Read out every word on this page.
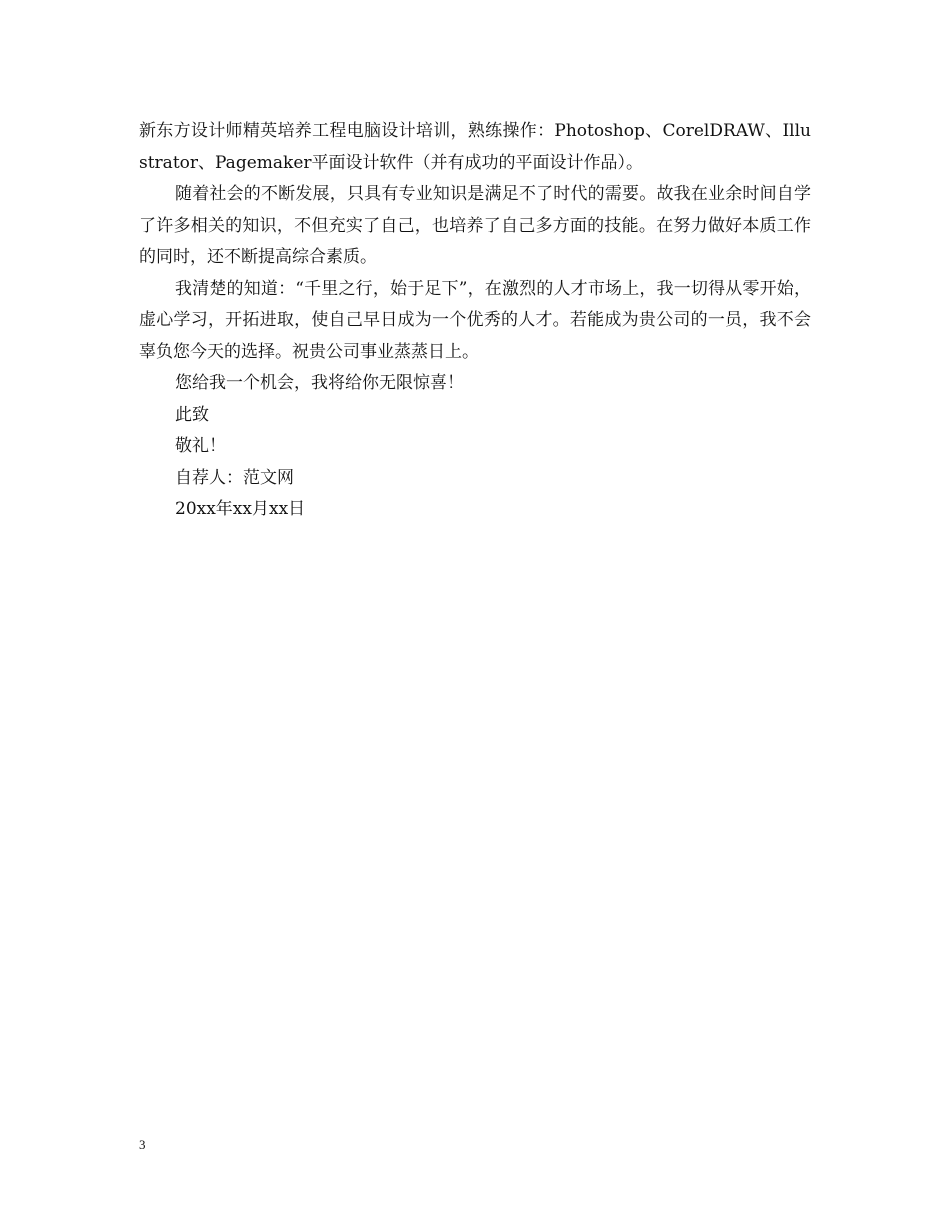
新东方设计师精英培养工程电脑设计培训，熟练操作：Photoshop、CorelDRAW、Illustrator、Pagemaker平面设计软件（并有成功的平面设计作品）。

随着社会的不断发展，只具有专业知识是满足不了时代的需要。故我在业余时间自学了许多相关的知识，不但充实了自己，也培养了自己多方面的技能。在努力做好本质工作的同时，还不断提高综合素质。

我清楚的知道：“千里之行，始于足下”，在激烈的人才市场上，我一切得从零开始，虚心学习，开拓进取，使自己早日成为一个优秀的人才。若能成为贵公司的一员，我不会辜负您今天的选择。祝贵公司事业蒸蒸日上。

您给我一个机会，我将给你无限惊喜！

此致

敬礼！

自荐人：范文网

20xx年xx月xx日

3
